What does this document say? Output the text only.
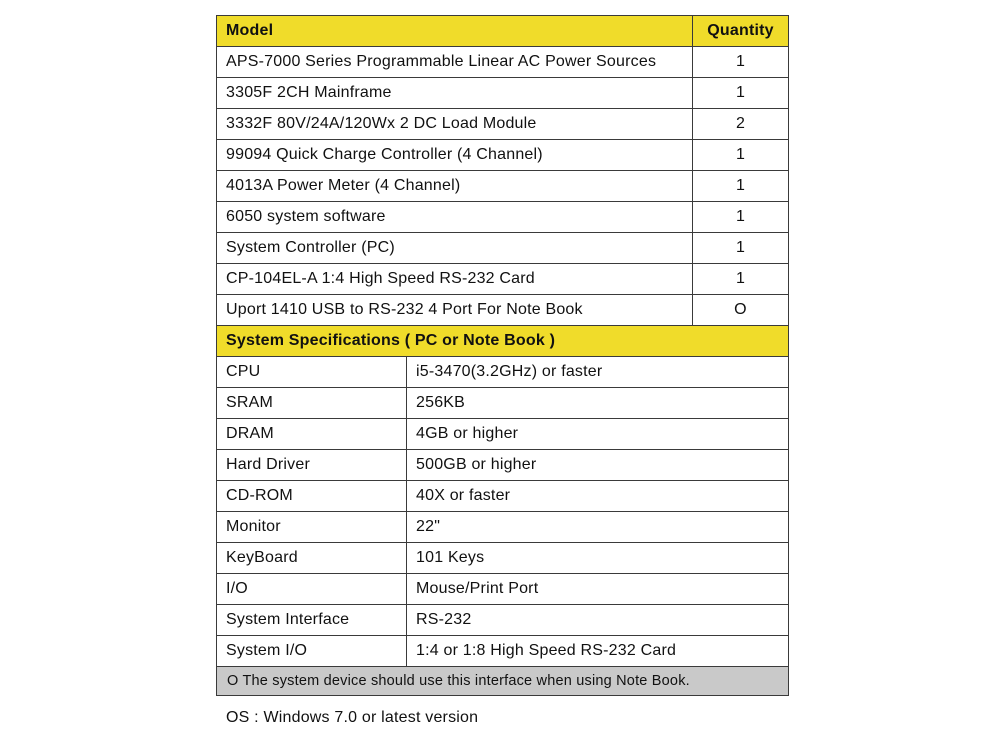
Model		Quantity
APS-7000 Series Programmable Linear AC Power Sources		1
3305F 2CH Mainframe		1
3332F 80V/24A/120Wx 2 DC Load Module		2
99094 Quick Charge Controller (4 Channel)		1
4013A Power Meter (4 Channel)		1
6050 system software		1
System Controller (PC)		1
CP-104EL-A 1:4 High Speed RS-232 Card		1
Uport 1410 USB to RS-232 4 Port For Note Book		O
System Specifications ( PC or Note Book )		
CPU	i5-3470(3.2GHz) or faster	
SRAM	256KB	
DRAM	4GB or higher	
Hard Driver	500GB or higher	
CD-ROM	40X or faster	
Monitor	22"	
KeyBoard	101 Keys	
I/O	Mouse/Print Port	
System Interface	RS-232	
System I/O	1:4 or 1:8 High Speed RS-232 Card	
O The system device should use this interface when using Note Book.		
OS : Windows 7.0 or latest version
